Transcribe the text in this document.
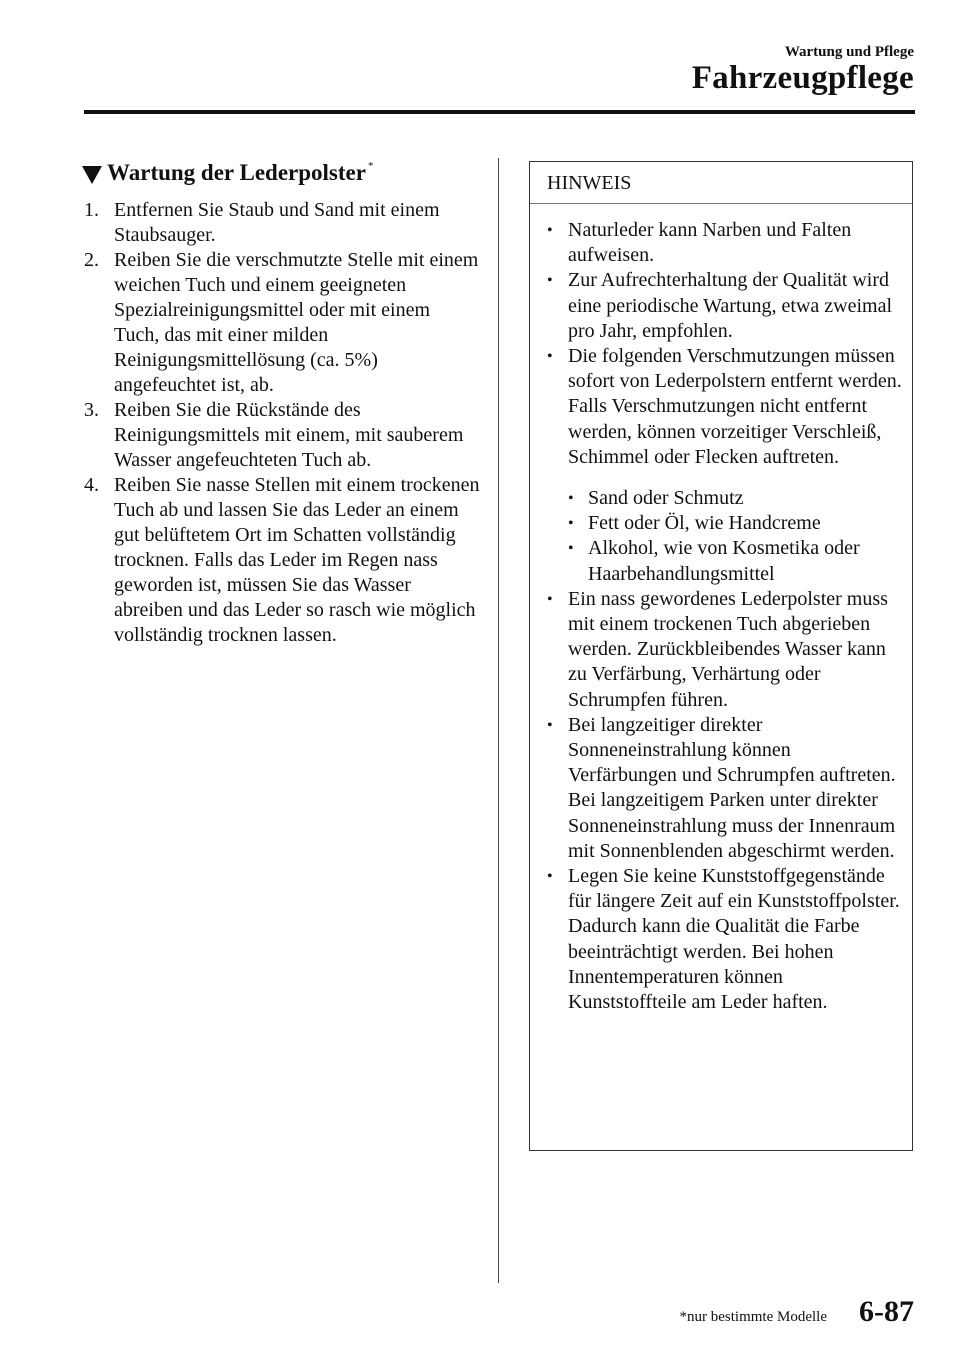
Wartung und Pflege
Fahrzeugpflege
Wartung der Lederpolster *
1. Entfernen Sie Staub und Sand mit einem Staubsauger.
2. Reiben Sie die verschmutzte Stelle mit einem weichen Tuch und einem geeigneten Spezialreinigungsmittel oder mit einem Tuch, das mit einer milden Reinigungsmittellösung (ca. 5%) angefeuchtet ist, ab.
3. Reiben Sie die Rückstände des Reinigungsmittels mit einem, mit sauberem Wasser angefeuchteten Tuch ab.
4. Reiben Sie nasse Stellen mit einem trockenen Tuch ab und lassen Sie das Leder an einem gut belüftetem Ort im Schatten vollständig trocknen. Falls das Leder im Regen nass geworden ist, müssen Sie das Wasser abreiben und das Leder so rasch wie möglich vollständig trocknen lassen.
HINWEIS
• Naturleder kann Narben und Falten aufweisen.
• Zur Aufrechterhaltung der Qualität wird eine periodische Wartung, etwa zweimal pro Jahr, empfohlen.
• Die folgenden Verschmutzungen müssen sofort von Lederpolstern entfernt werden.
Falls Verschmutzungen nicht entfernt werden, können vorzeitiger Verschleiß, Schimmel oder Flecken auftreten.
• Sand oder Schmutz
• Fett oder Öl, wie Handcreme
• Alkohol, wie von Kosmetika oder Haarbehandlungsmittel
• Ein nass gewordenes Lederpolster muss mit einem trockenen Tuch abgerieben werden. Zurückbleibendes Wasser kann zu Verfärbung, Verhärtung oder Schrumpfen führen.
• Bei langzeitiger direkter Sonneneinstrahlung können Verfärbungen und Schrumpfen auftreten. Bei langzeitigem Parken unter direkter Sonneneinstrahlung muss der Innenraum mit Sonnenblenden abgeschirmt werden.
• Legen Sie keine Kunststoffgegenstände für längere Zeit auf ein Kunststoffpolster. Dadurch kann die Qualität die Farbe beeinträchtigt werden. Bei hohen Innentemperaturen können Kunststoffteile am Leder haften.
*nur bestimmte Modelle 6-87
